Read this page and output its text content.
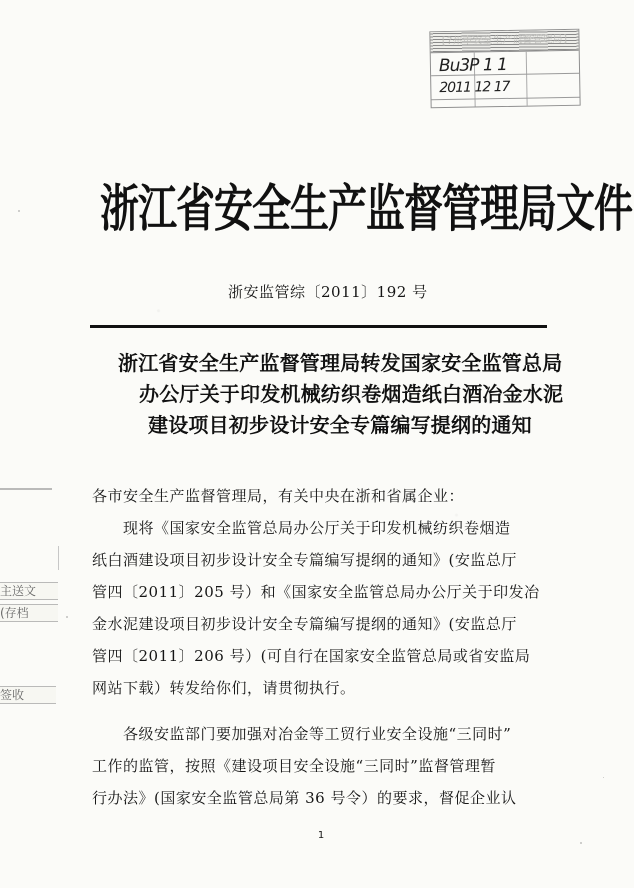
[?州市安全生产监督管理局]
Bu3P 1 1
2011 12 17
浙江省安全生产监督管理局文件
浙安监管综〔2011〕192 号
浙江省安全生产监督管理局转发国家安全监管总局
办公厅关于印发机械纺织卷烟造纸白酒冶金水泥
建设项目初步设计安全专篇编写提纲的通知
主送文
(存档
签收
各市安全生产监督管理局，有关中央在浙和省属企业：
现将《国家安全监管总局办公厅关于印发机械纺织卷烟造
纸白酒建设项目初步设计安全专篇编写提纲的通知》(安监总厅
管四〔2011〕205 号）和《国家安全监管总局办公厅关于印发冶
金水泥建设项目初步设计安全专篇编写提纲的通知》(安监总厅
管四〔2011〕206 号）(可自行在国家安全监管总局或省安监局
网站下载）转发给你们，请贯彻执行。
各级安监部门要加强对冶金等工贸行业安全设施“三同时”
工作的监管，按照《建设项目安全设施“三同时”监督管理暂
行办法》(国家安全监管总局第 36 号令）的要求，督促企业认
1
